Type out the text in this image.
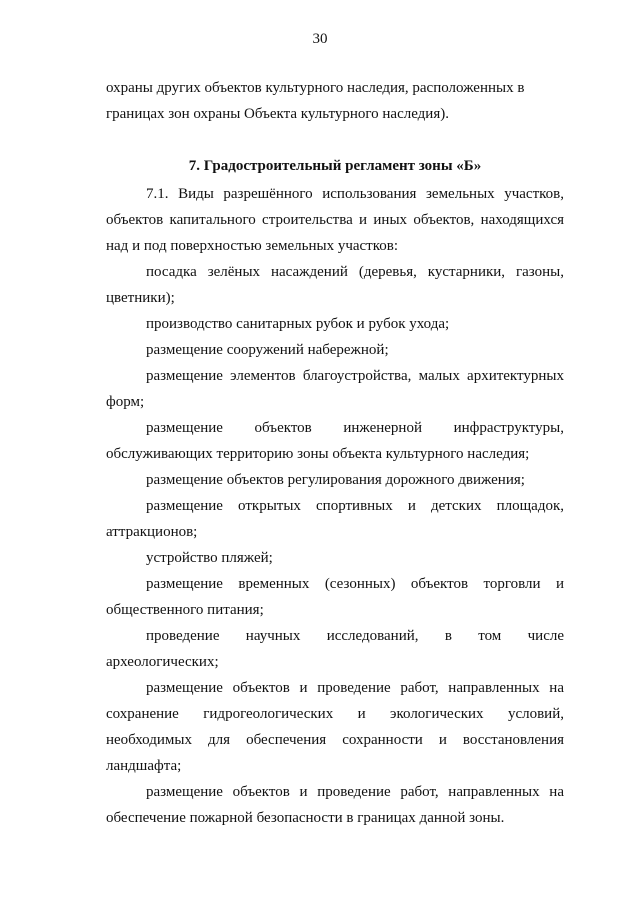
30

охраны других объектов культурного наследия, расположенных в
границах зон охраны Объекта культурного наследия).

7. Градостроительный регламент зоны «Б»

7.1. Виды разрешённого использования земельных участков, объектов капитального строительства и иных объектов, находящихся над и под поверхностью земельных участков:

посадка зелёных насаждений (деревья, кустарники, газоны, цветники);

производство санитарных рубок и рубок ухода;

размещение сооружений набережной;

размещение элементов благоустройства, малых архитектурных форм;

размещение объектов инженерной инфраструктуры, обслуживающих территорию зоны объекта культурного наследия;

размещение объектов регулирования дорожного движения;

размещение открытых спортивных и детских площадок, аттракционов;

устройство пляжей;

размещение временных (сезонных) объектов торговли и общественного питания;

проведение научных исследований, в том числе археологических;

размещение объектов и проведение работ, направленных на сохранение гидрогеологических и экологических условий, необходимых для обеспечения сохранности и восстановления ландшафта;

размещение объектов и проведение работ, направленных на обеспечение пожарной безопасности в границах данной зоны.
